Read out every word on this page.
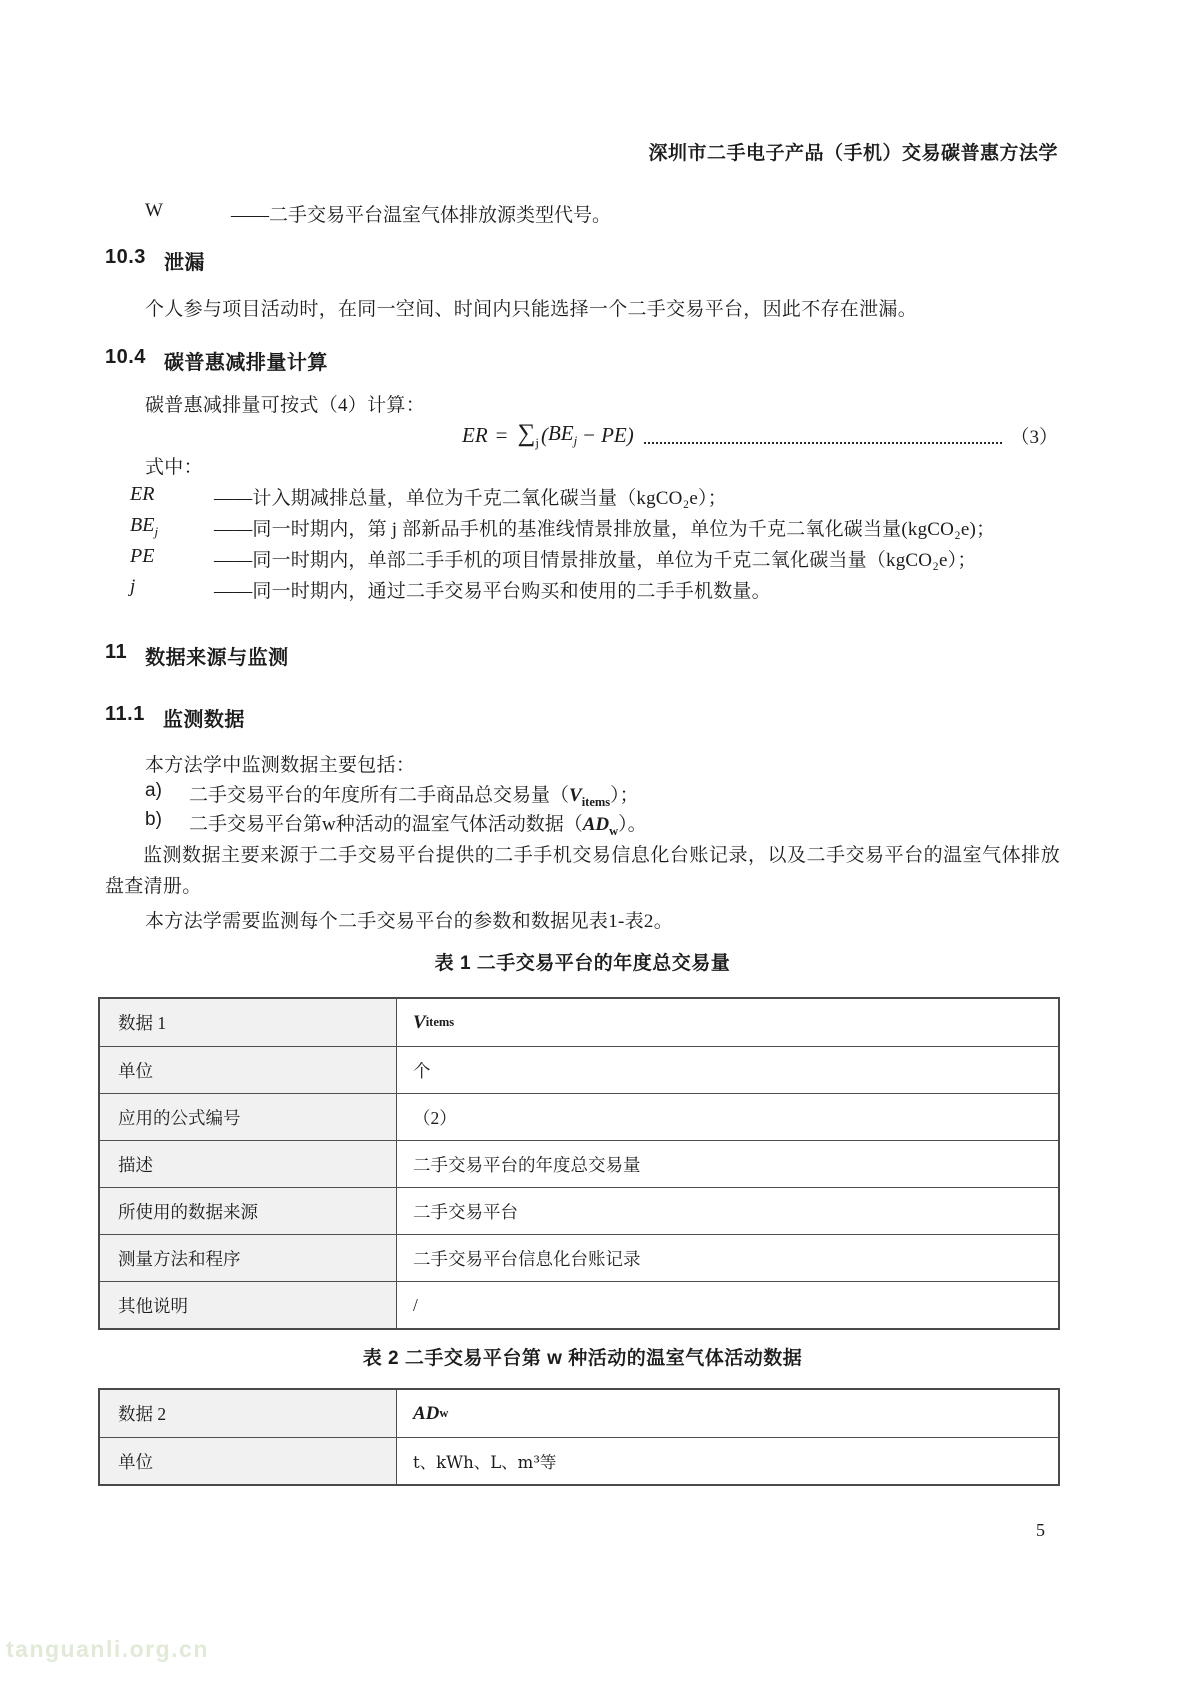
深圳市二手电子产品（手机）交易碳普惠方法学
W	——二手交易平台温室气体排放源类型代号。
10.3 泄漏
个人参与项目活动时，在同一空间、时间内只能选择一个二手交易平台，因此不存在泄漏。
10.4 碳普惠减排量计算
碳普惠减排量可按式（4）计算：
ER = $\sum_j$ ( $BE_j$ − PE )	（3）
式中：
ER	——计入期减排总量，单位为千克二氧化碳当量（kgCO₂e）；
$BE_j$	——同一时期内，第 j 部新品手机的基准线情景排放量，单位为千克二氧化碳当量(kgCO₂e)；
PE	——同一时期内，单部二手手机的项目情景排放量，单位为千克二氧化碳当量（kgCO₂e）；
j	——同一时期内，通过二手交易平台购买和使用的二手手机数量。
11 数据来源与监测
11.1 监测数据
本方法学中监测数据主要包括：
a)	二手交易平台的年度所有二手商品总交易量$(V_{items})$；
b)	二手交易平台第w种活动的温室气体活动数据$(AD_w)$。
监测数据主要来源于二手交易平台提供的二手手机交易信息化台账记录，以及二手交易平台的温室气体排放盘查清册。
本方法学需要监测每个二手交易平台的参数和数据见表1-表2。
表 1 二手交易平台的年度总交易量
数据 1	V items
单位	个
应用的公式编号	（2）
描述	二手交易平台的年度总交易量
所使用的数据来源	二手交易平台
测量方法和程序	二手交易平台信息化台账记录
其他说明	/
表 2 二手交易平台第 w 种活动的温室气体活动数据
数据 2	AD w
单位	t、kWh、L、m³等
5
tanguanli.org.cn
